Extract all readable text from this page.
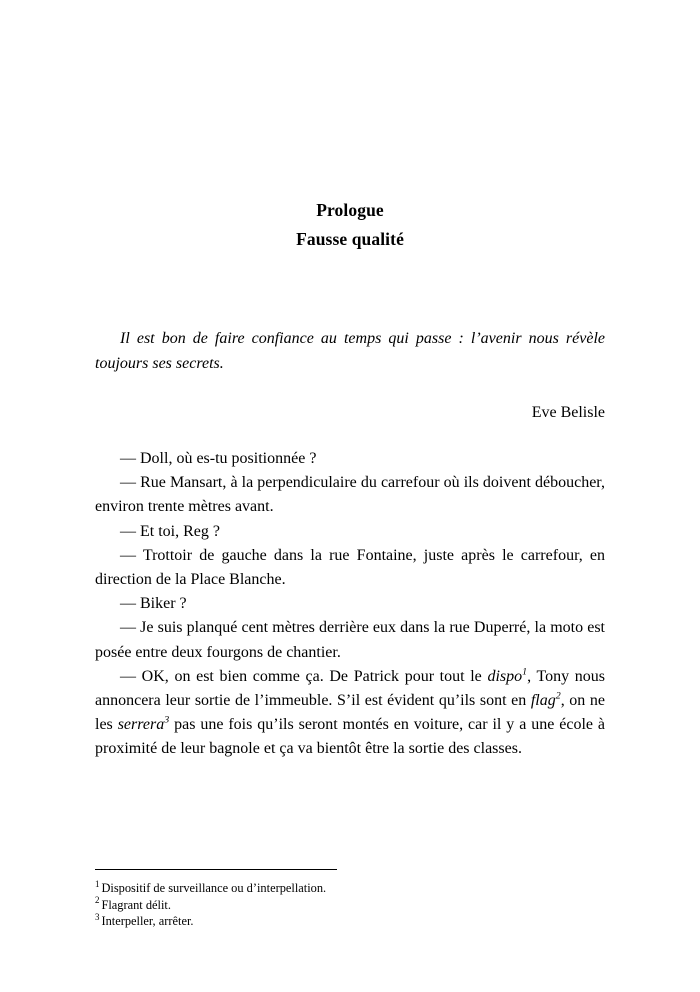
Prologue
Fausse qualité
Il est bon de faire confiance au temps qui passe : l’avenir nous révèle toujours ses secrets.
Eve Belisle

— Doll, où es-tu positionnée ?

— Rue Mansart, à la perpendiculaire du carrefour où ils doivent déboucher, environ trente mètres avant.

— Et toi, Reg ?

— Trottoir de gauche dans la rue Fontaine, juste après le carrefour, en direction de la Place Blanche.

— Biker ?

— Je suis planqué cent mètres derrière eux dans la rue Duperré, la moto est posée entre deux fourgons de chantier.

— OK, on est bien comme ça. De Patrick pour tout le dispo$^1$, Tony nous annoncera leur sortie de l’immeuble. S’il est évident qu’ils sont en flag$^2$, on ne les serrera$^3$ pas une fois qu’ils seront montés en voiture, car il y a une école à proximité de leur bagnole et ça va bientôt être la sortie des classes.

$^1$ Dispositif de surveillance ou d’interpellation.

$^2$ Flagrant délit.

$^3$ Interpeller, arrêter.
